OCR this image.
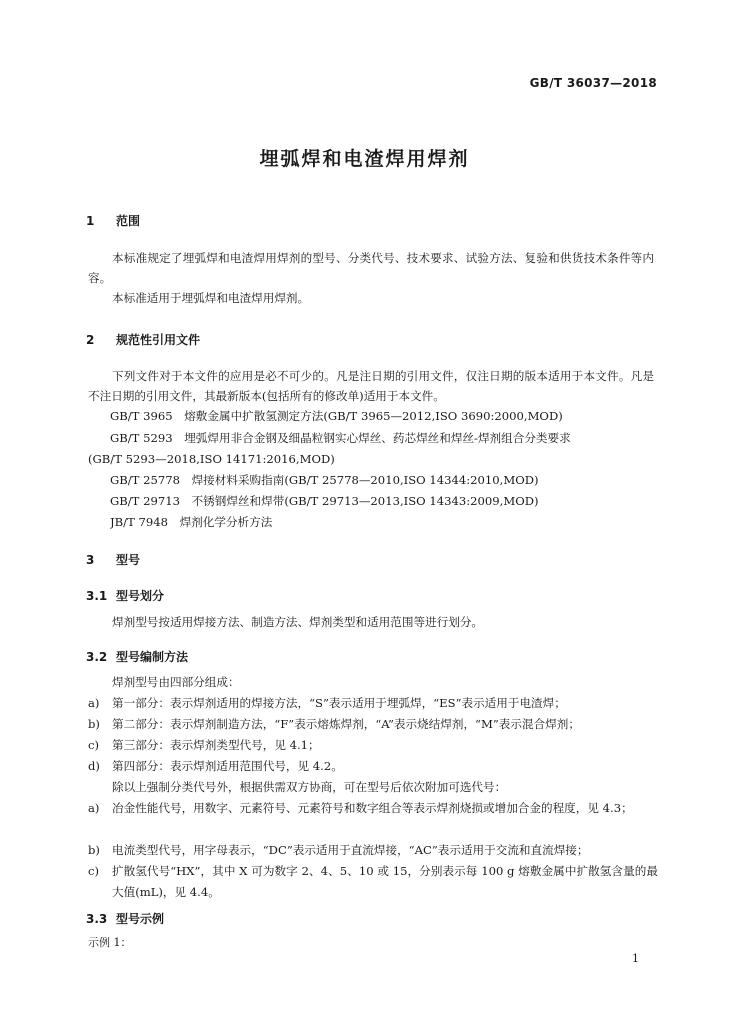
GB/T 36037—2018
埋弧焊和电渣焊用焊剂
1 范围
本标准规定了埋弧焊和电渣焊用焊剂的型号、分类代号、技术要求、试验方法、复验和供货技术条件等内容。
本标准适用于埋弧焊和电渣焊用焊剂。
2 规范性引用文件
下列文件对于本文件的应用是必不可少的。凡是注日期的引用文件，仅注日期的版本适用于本文件。凡是不注日期的引用文件，其最新版本(包括所有的修改单)适用于本文件。
GB/T 3965　熔敷金属中扩散氢测定方法(GB/T 3965—2012,ISO 3690:2000,MOD)
GB/T 5293　埋弧焊用非合金钢及细晶粒钢实心焊丝、药芯焊丝和焊丝-焊剂组合分类要求
(GB/T 5293—2018,ISO 14171:2016,MOD)
GB/T 25778　焊接材料采购指南(GB/T 25778—2010,ISO 14344:2010,MOD)
GB/T 29713　不锈钢焊丝和焊带(GB/T 29713—2013,ISO 14343:2009,MOD)
JB/T 7948　焊剂化学分析方法
3 型号
3.1 型号划分
焊剂型号按适用焊接方法、制造方法、焊剂类型和适用范围等进行划分。
3.2 型号编制方法
焊剂型号由四部分组成：
a)	第一部分：表示焊剂适用的焊接方法，“S”表示适用于埋弧焊，“ES”表示适用于电渣焊；
b)	第二部分：表示焊剂制造方法，“F”表示熔炼焊剂，“A”表示烧结焊剂，“M”表示混合焊剂；
c)	第三部分：表示焊剂类型代号，见 4.1；
d)	第四部分：表示焊剂适用范围代号，见 4.2。
除以上强制分类代号外，根据供需双方协商，可在型号后依次附加可选代号：
a)	冶金性能代号，用数字、元素符号、元素符号和数字组合等表示焊剂烧损或增加合金的程度，见 4.3；
b)	电流类型代号，用字母表示，“DC”表示适用于直流焊接，“AC”表示适用于交流和直流焊接；
c)	扩散氢代号“HX”，其中 X 可为数字 2、4、5、10 或 15，分别表示每 100 g 熔敷金属中扩散氢含量的最大值(mL)，见 4.4。
3.3 型号示例
示例 1：
1
